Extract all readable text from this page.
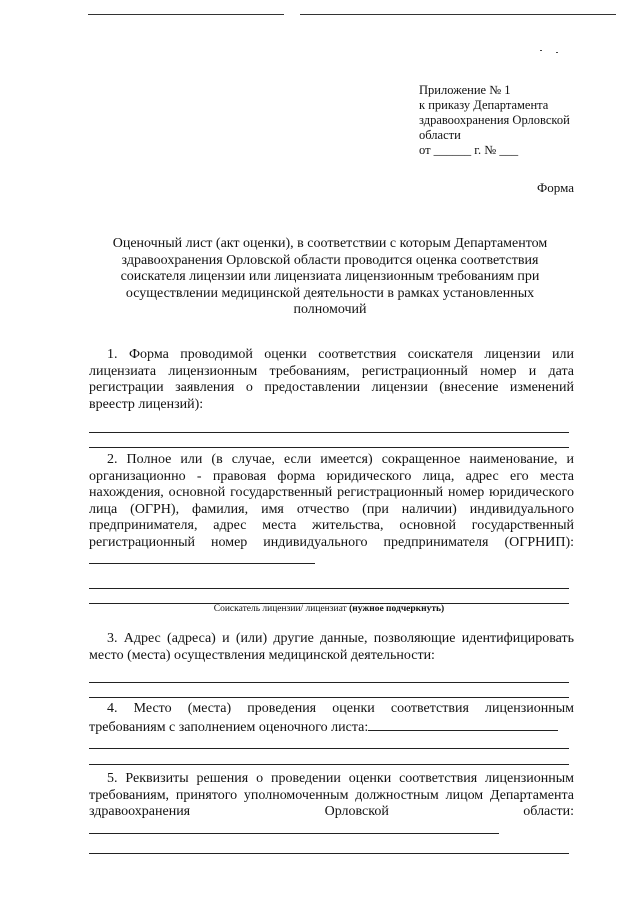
Приложение № 1
к приказу Департамента
здравоохранения Орловской
области
от ______ г. № ___
Форма
Оценочный лист (акт оценки), в соответствии с которым Департаментом здравоохранения Орловской области проводится оценка соответствия соискателя лицензии или лицензиата лицензионным требованиям при осуществлении медицинской деятельности в рамках установленных полномочий
1. Форма проводимой оценки соответствия соискателя лицензии или лицензиата лицензионным требованиям, регистрационный номер и дата регистрации заявления о предоставлении лицензии (внесение изменений вреестр лицензий):
2. Полное или (в случае, если имеется) сокращенное наименование, и организационно - правовая форма юридического лица, адрес его места нахождения, основной государственный регистрационный номер юридического лица (ОГРН), фамилия, имя отчество (при наличии) индивидуального предпринимателя, адрес места жительства, основной государственный регистрационный номер индивидуального предпринимателя (ОГРНИП):
Соискатель лицензии/ лицензиат (нужное подчеркнуть)
3. Адрес (адреса) и (или) другие данные, позволяющие идентифицировать место (места) осуществления медицинской деятельности:
4. Место (места) проведения оценки соответствия лицензионным требованиям с заполнением оценочного листа:
5. Реквизиты решения о проведении оценки соответствия лицензионным требованиям, принятого уполномоченным должностным лицом Департамента здравоохранения Орловской области:
